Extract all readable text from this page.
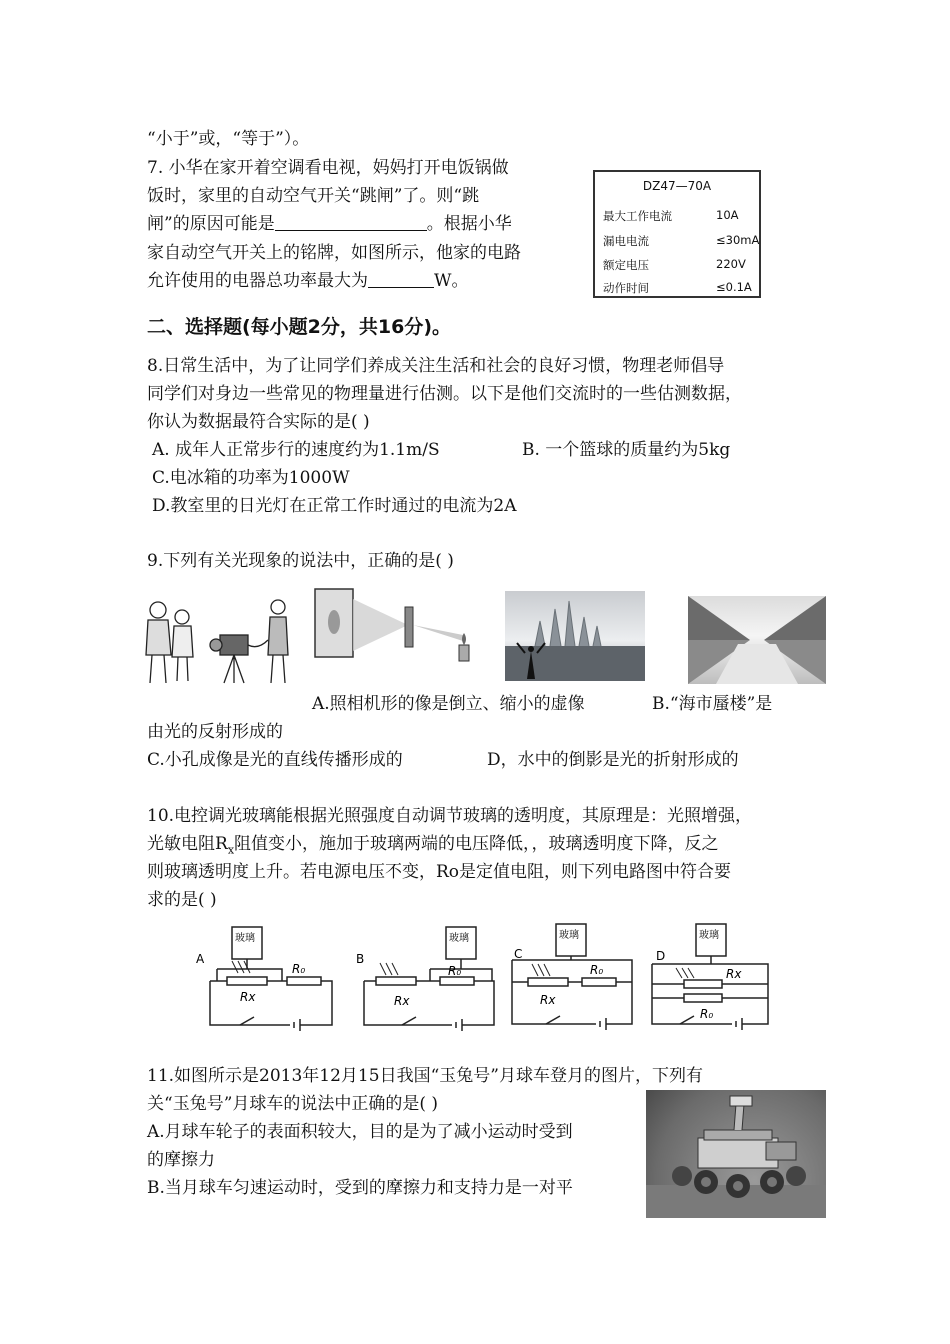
“小于”或，“等于”）。
7. 小华在家开着空调看电视，妈妈打开电饭锅做
饭时，家里的自动空气开关“跳闸”了。则“跳
闸”的原因可能是	。根据小华
家自动空气开关上的铭牌，如图所示，他家的电路
允许使用的电器总功率最大为	W。
DZ47—70A
最大工作电流	10A
漏电电流	≤30mA
额定电压	220V
动作时间	≤0.1A
二、选择题(每小题2分，共16分)。
8.日常生活中，为了让同学们养成关注生活和社会的良好习惯，物理老师倡导
同学们对身边一些常见的物理量进行估测。以下是他们交流时的一些估测数据，
你认为数据最符合实际的是( )
A. 成年人正常步行的速度约为1.1m/S	B. 一个篮球的质量约为5kg
C.电冰箱的功率为1000W
D.教室里的日光灯在正常工作时通过的电流为2A
9.下列有关光现象的说法中，正确的是( )
A.照相机形的像是倒立、缩小的虚像	B.“海市蜃楼”是
由光的反射形成的
C.小孔成像是光的直线传播形成的	D，水中的倒影是光的折射形成的
10.电控调光玻璃能根据光照强度自动调节玻璃的透明度，其原理是：光照增强，
光敏电阻$R_x$阻值变小，施加于玻璃两端的电压降低，，玻璃透明度下降，反之
则玻璃透明度上升。若电源电压不变，Ro是定值电阻，则下列电路图中符合要
求的是( )
A
玻璃
R₀
Rx
B
玻璃
R₀
Rx
C
玻璃
R₀
Rx
D
玻璃
Rx
R₀
11.如图所示是2013年12月15日我国“玉兔号”月球车登月的图片，下列有
关“玉兔号”月球车的说法中正确的是( )
A.月球车轮子的表面积较大，目的是为了减小运动时受到
的摩擦力
B.当月球车匀速运动时，受到的摩擦力和支持力是一对平
